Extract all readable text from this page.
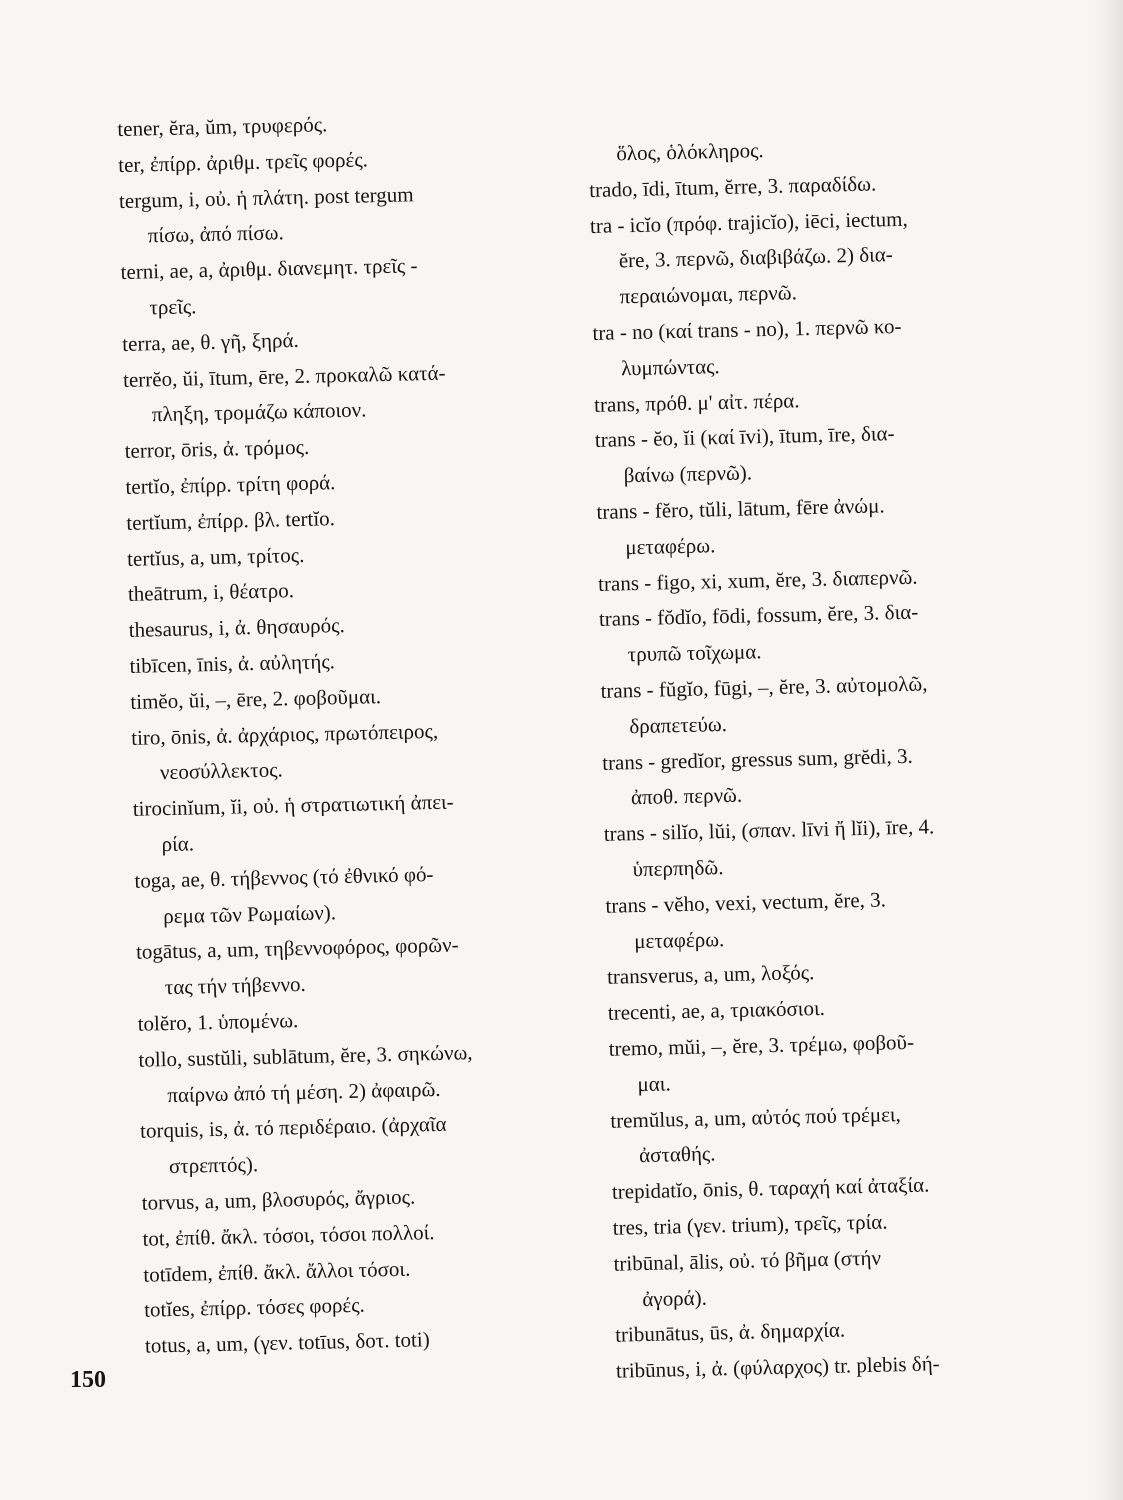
tener, ĕra, ŭm, τρυφερός.
ter, ἐπίρρ. ἀριθμ. τρεῖς φορές.
tergum, i, οὐ. ἡ πλάτη. post tergum
πίσω, ἀπό πίσω.
terni, ae, a, ἀριθμ. διανεμητ. τρεῖς -
τρεῖς.
terra, ae, θ. γῆ, ξηρά.
terrĕo, ŭi, ītum, ēre, 2. προκαλῶ κατά-
πληξη, τρομάζω κάποιον.
terror, ōris, ἀ. τρόμος.
tertĭo, ἐπίρρ. τρίτη φορά.
tertĭum, ἐπίρρ. βλ. tertĭo.
tertĭus, a, um, τρίτος.
theātrum, i, θέατρο.
thesaurus, i, ἀ. θησαυρός.
tibīcen, īnis, ἀ. αὐλητής.
timĕo, ŭi, –, ēre, 2. φοβοῦμαι.
tiro, ōnis, ἀ. ἀρχάριος, πρωτόπειρος,
νεοσύλλεκτος.
tirocinĭum, ĭi, οὐ. ἡ στρατιωτική ἀπει-
ρία.
toga, ae, θ. τήβεννος (τό ἐθνικό φό-
ρεμα τῶν Ρωμαίων).
togātus, a, um, τηβεννοφόρος, φορῶν-
τας τήν τήβεννο.
tolĕro, 1. ὑπομένω.
tollo, sustŭli, sublātum, ĕre, 3. σηκώνω,
παίρνω ἀπό τή μέση. 2) ἀφαιρῶ.
torquis, is, ἀ. τό περιδέραιο. (ἀρχαῖα
στρεπτός).
torvus, a, um, βλοσυρός, ἄγριος.
tot, ἐπίθ. ἄκλ. τόσοι, τόσοι πολλοί.
totīdem, ἐπίθ. ἄκλ. ἄλλοι τόσοι.
totĭes, ἐπίρρ. τόσες φορές.
totus, a, um, (γεν. totīus, δοτ. toti)
ὅλος, ὁλόκληρος.
trado, īdi, ītum, ĕrre, 3. παραδίδω.
tra - icĭo (πρόφ. trajicĭo), iēci, iectum,
ĕre, 3. περνῶ, διαβιβάζω. 2) δια-
περαιώνομαι, περνῶ.
tra - no (καί trans - no), 1. περνῶ κο-
λυμπώντας.
trans, πρόθ. μ' αἰτ. πέρα.
trans - ĕo, ĭi (καί īvi), ītum, īre, δια-
βαίνω (περνῶ).
trans - fĕro, tŭli, lātum, fēre ἀνώμ.
μεταφέρω.
trans - figo, xi, xum, ĕre, 3. διαπερνῶ.
trans - fŏdĭo, fōdi, fossum, ĕre, 3. δια-
τρυπῶ τοῖχωμα.
trans - fŭgĭo, fūgi, –, ĕre, 3. αὐτομολῶ,
δραπετεύω.
trans - gredĭor, gressus sum, grĕdi, 3.
ἀποθ. περνῶ.
trans - silĭo, lŭi, (σπαν. līvi ἤ lĭi), īre, 4.
ὑπερπηδῶ.
trans - vĕho, vexi, vectum, ĕre, 3.
μεταφέρω.
transverus, a, um, λοξός.
trecenti, ae, a, τριακόσιοι.
tremo, mŭi, –, ĕre, 3. τρέμω, φοβοῦ-
μαι.
tremŭlus, a, um, αὐτός πού τρέμει,
ἀσταθής.
trepidatĭo, ōnis, θ. ταραχή καί ἀταξία.
tres, tria (γεν. trium), τρεῖς, τρία.
tribūnal, ālis, οὐ. τό βῆμα (στήν
ἀγορά).
tribunātus, ūs, ἀ. δημαρχία.
tribūnus, i, ἀ. (φύλαρχος) tr. plebis δή-
150
